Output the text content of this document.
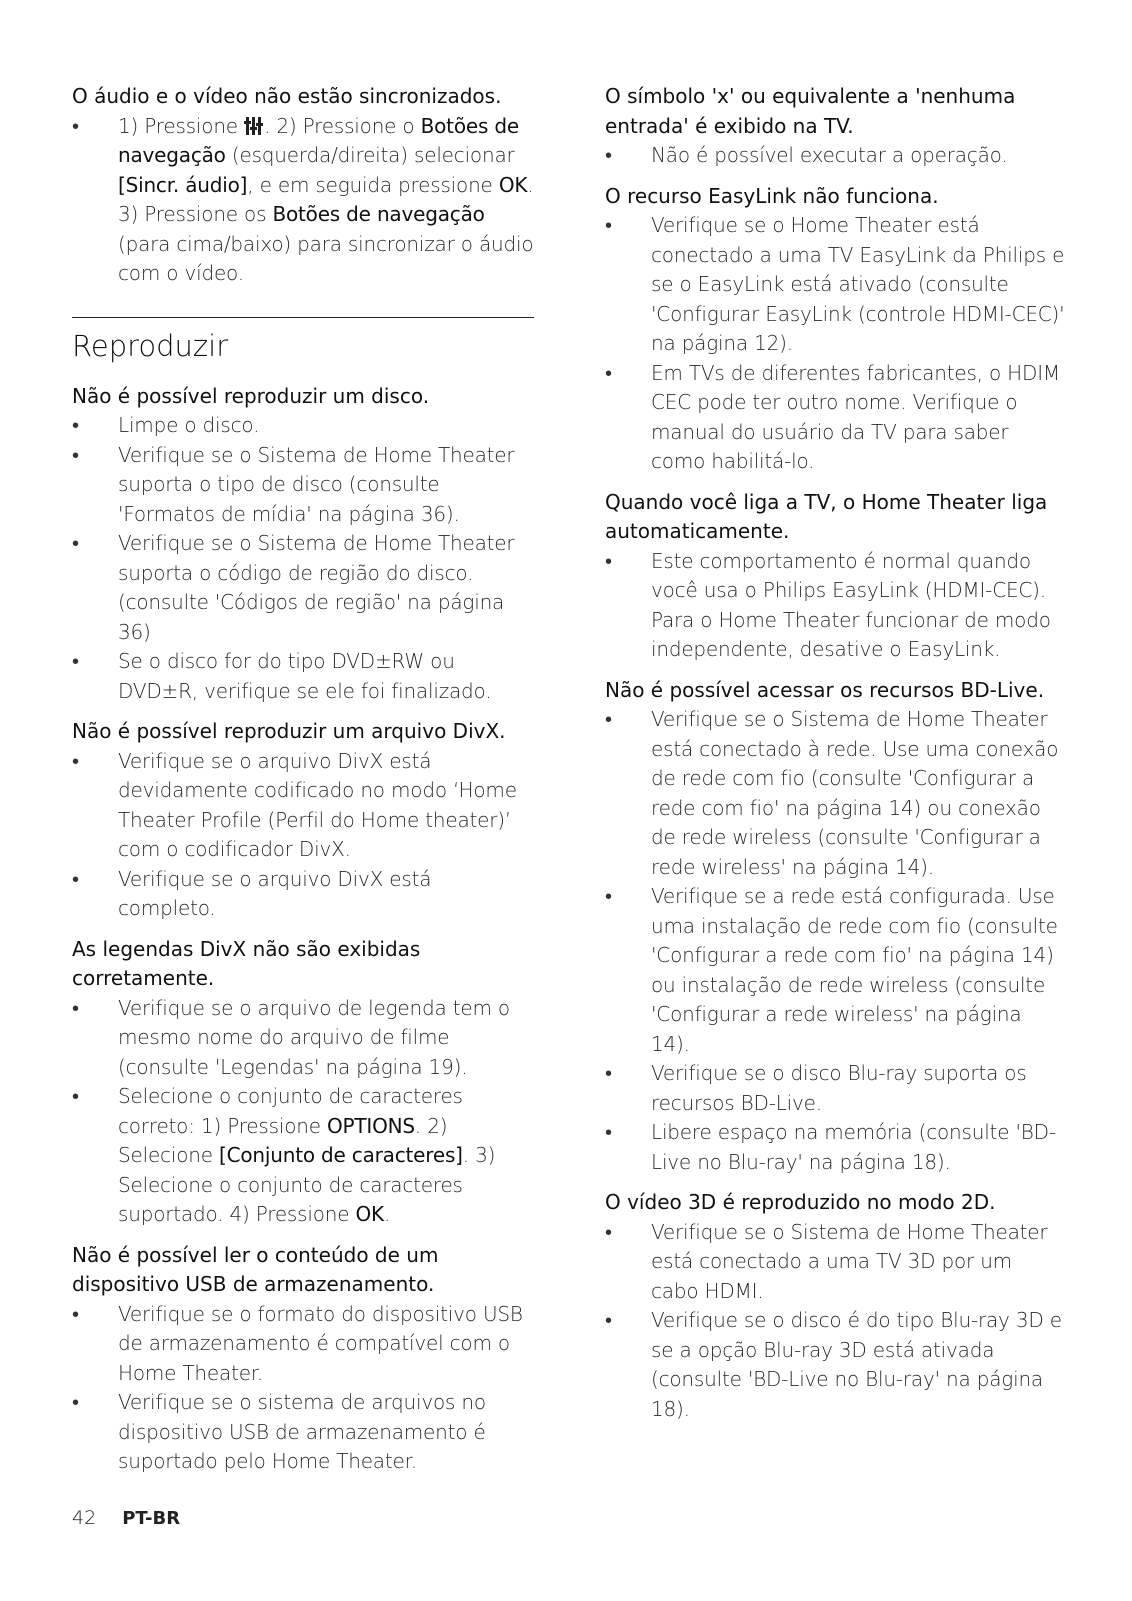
O áudio e o vídeo não estão sincronizados.
• 1) Pressione
. 2) Pressione o Botões de navegação (esquerda/direita) selecionar [Sincr. áudio], e em seguida pressione OK. 3) Pressione os Botões de navegação (para cima/baixo) para sincronizar o áudio com o vídeo.
Reproduzir
Não é possível reproduzir um disco.
• Limpe o disco.
• Verifique se o Sistema de Home Theater suporta o tipo de disco (consulte 'Formatos de mídia' na página 36).
• Verifique se o Sistema de Home Theater suporta o código de região do disco. (consulte 'Códigos de região' na página 36)
• Se o disco for do tipo DVD±RW ou DVD±R, verifique se ele foi finalizado.
Não é possível reproduzir um arquivo DivX.
• Verifique se o arquivo DivX está devidamente codificado no modo ‘Home Theater Profile (Perfil do Home theater)’ com o codificador DivX.
• Verifique se o arquivo DivX está completo.
As legendas DivX não são exibidas corretamente.
• Verifique se o arquivo de legenda tem o mesmo nome do arquivo de filme (consulte 'Legendas' na página 19).
• Selecione o conjunto de caracteres correto: 1) Pressione OPTIONS. 2) Selecione [Conjunto de caracteres]. 3) Selecione o conjunto de caracteres suportado. 4) Pressione OK.
Não é possível ler o conteúdo de um dispositivo USB de armazenamento.
• Verifique se o formato do dispositivo USB de armazenamento é compatível com o Home Theater.
• Verifique se o sistema de arquivos no dispositivo USB de armazenamento é suportado pelo Home Theater.
O símbolo 'x' ou equivalente a 'nenhuma entrada' é exibido na TV.
• Não é possível executar a operação.
O recurso EasyLink não funciona.
• Verifique se o Home Theater está conectado a uma TV EasyLink da Philips e se o EasyLink está ativado (consulte 'Configurar EasyLink (controle HDMI-CEC)' na página 12).
• Em TVs de diferentes fabricantes, o HDIM CEC pode ter outro nome. Verifique o manual do usuário da TV para saber como habilitá-lo.
Quando você liga a TV, o Home Theater liga automaticamente.
• Este comportamento é normal quando você usa o Philips EasyLink (HDMI-CEC). Para o Home Theater funcionar de modo independente, desative o EasyLink.
Não é possível acessar os recursos BD-Live.
• Verifique se o Sistema de Home Theater está conectado à rede. Use uma conexão de rede com fio (consulte 'Configurar a rede com fio' na página 14) ou conexão de rede wireless (consulte 'Configurar a rede wireless' na página 14).
• Verifique se a rede está configurada. Use uma instalação de rede com fio (consulte 'Configurar a rede com fio' na página 14) ou instalação de rede wireless (consulte 'Configurar a rede wireless' na página 14).
• Verifique se o disco Blu-ray suporta os recursos BD-Live.
• Libere espaço na memória (consulte 'BD-Live no Blu-ray' na página 18).
O vídeo 3D é reproduzido no modo 2D.
• Verifique se o Sistema de Home Theater está conectado a uma TV 3D por um cabo HDMI.
• Verifique se o disco é do tipo Blu-ray 3D e se a opção Blu-ray 3D está ativada (consulte 'BD-Live no Blu-ray' na página 18).
42 PT-BR
